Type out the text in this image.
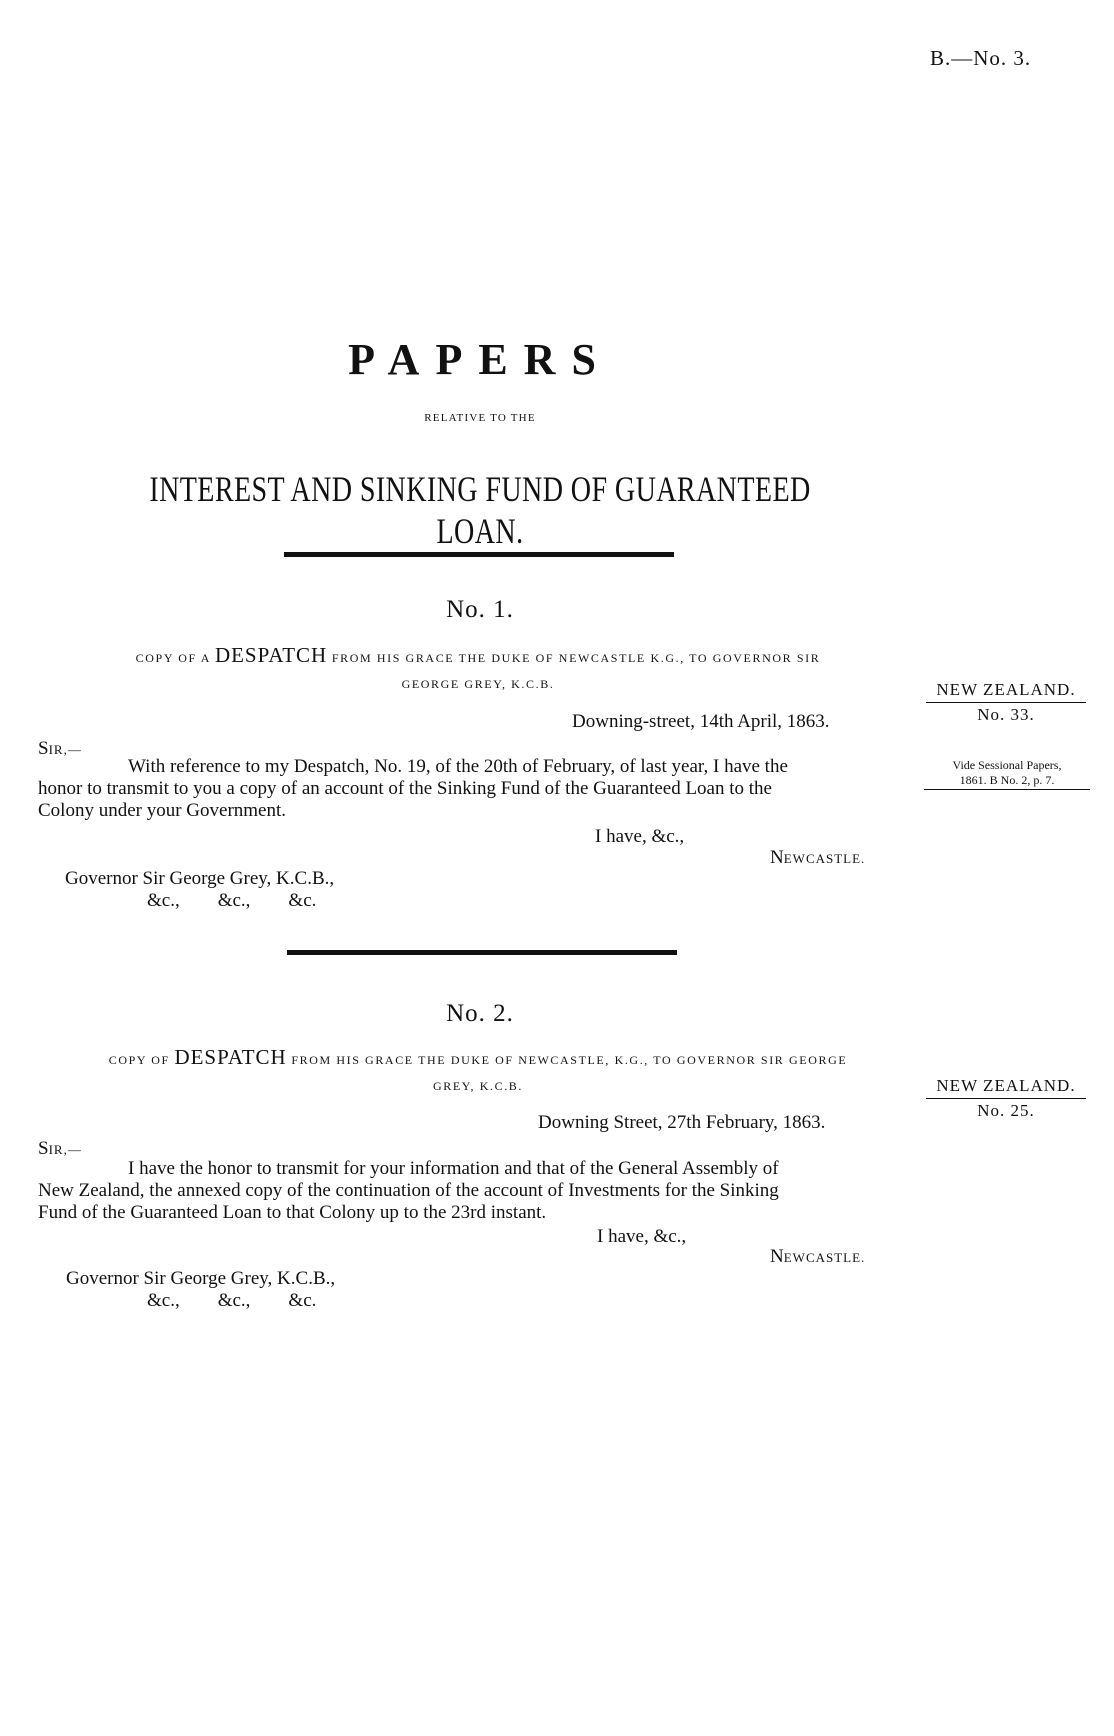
B.—No. 3.
PAPERS
RELATIVE TO THE
INTEREST AND SINKING FUND OF GUARANTEED LOAN.
No. 1.
COPY OF A DESPATCH FROM HIS GRACE THE DUKE OF NEWCASTLE K.G., TO GOVERNOR SIR
GEORGE GREY, K.C.B.	NEW ZEALAND.
No. 33.
Downing-street, 14th April, 1863.
SIR,—
With reference to my Despatch, No. 19, of the 20th of February, of last year, I have the
honor to transmit to you a copy of an account of the Sinking Fund of the Guaranteed Loan to the
Colony under your Government.
Vide Sessional Papers,
1861. B No. 2, p. 7.
I have, &c.,
NEWCASTLE.
Governor Sir George Grey, K.C.B.,
&c.,        &c.,        &c.
No. 2.
COPY OF DESPATCH FROM HIS GRACE THE DUKE OF NEWCASTLE, K.G., TO GOVERNOR SIR GEORGE
GREY, K.C.B.	NEW ZEALAND.
No. 25.
Downing Street, 27th February, 1863.
SIR,—
I have the honor to transmit for your information and that of the General Assembly of
New Zealand, the annexed copy of the continuation of the account of Investments for the Sinking
Fund of the Guaranteed Loan to that Colony up to the 23rd instant.
I have, &c.,
NEWCASTLE.
Governor Sir George Grey, K.C.B.,
&c.,        &c.,        &c.
